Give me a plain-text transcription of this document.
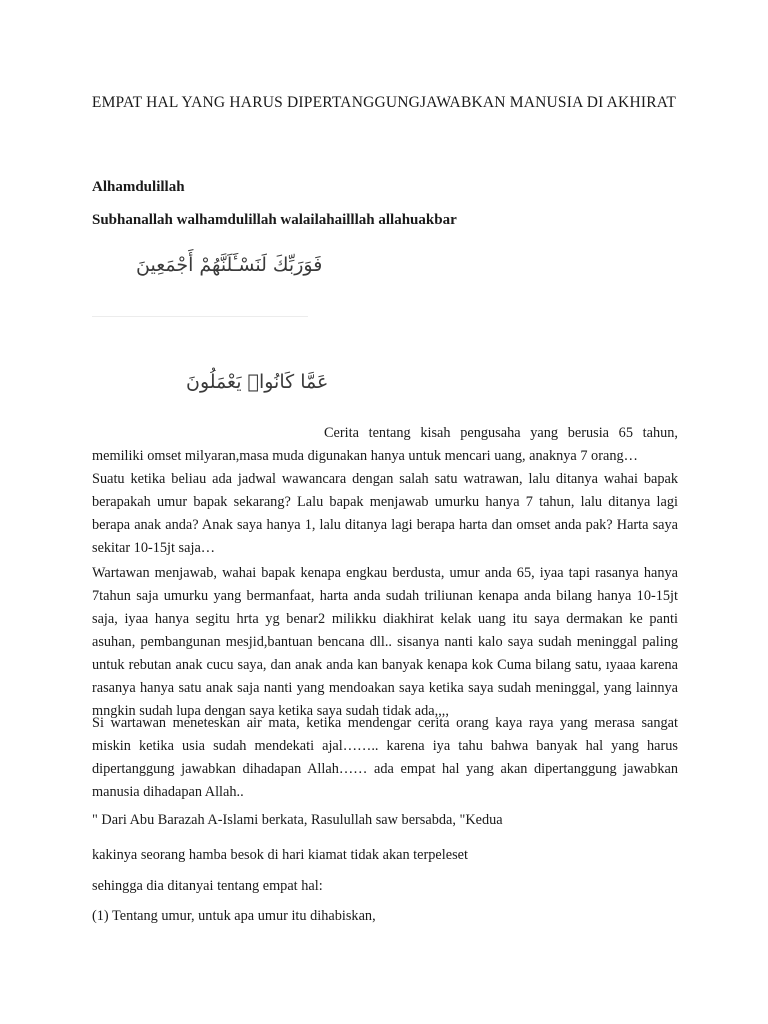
EMPAT HAL YANG HARUS DIPERTANGGUNGJAWABKAN MANUSIA DI AKHIRAT
Alhamdulillah
Subhanallah walhamdulillah walailahailllah allahuakbar
فَوَرَبِّكَ لَنَسْـَٔلَنَّهُمْ أَجْمَعِينَ
عَمَّا كَانُوا۟ يَعْمَلُونَ

Cerita tentang kisah pengusaha yang berusia 65 tahun, memiliki omset milyaran,masa muda digunakan hanya untuk mencari uang, anaknya 7 orang…

Suatu ketika beliau ada jadwal wawancara dengan salah satu watrawan, lalu ditanya wahai bapak berapakah umur bapak sekarang? Lalu bapak menjawab umurku hanya 7 tahun, lalu ditanya lagi berapa anak anda? Anak saya hanya 1, lalu ditanya lagi berapa harta dan omset anda pak? Harta saya sekitar 10-15jt saja…

Wartawan menjawab, wahai bapak kenapa engkau berdusta, umur anda 65, iyaa tapi rasanya hanya 7tahun saja umurku yang bermanfaat, harta anda sudah triliunan kenapa anda bilang hanya 10-15jt saja, iyaa hanya segitu hrta yg benar2 milikku diakhirat kelak uang itu saya dermakan ke panti asuhan, pembangunan mesjid,bantuan bencana dll.. sisanya nanti kalo saya sudah meninggal paling untuk rebutan anak cucu saya, dan anak anda kan banyak kenapa kok Cuma bilang satu, ıyaaa karena rasanya hanya satu anak saja nanti yang mendoakan saya ketika saya sudah meninggal, yang lainnya mngkin sudah lupa dengan saya ketika saya sudah tidak ada,,,,

Si wartawan meneteskan air mata, ketika mendengar cerita orang kaya raya yang merasa sangat miskin ketika usia sudah mendekati ajal…….. karena iya tahu bahwa banyak hal yang harus dipertanggung jawabkan dihadapan Allah…… ada empat hal yang akan dipertanggung jawabkan manusia dihadapan Allah..

" Dari Abu Barazah A-Islami berkata, Rasulullah saw bersabda, "Kedua

kakinya seorang hamba besok di hari kiamat tidak akan terpeleset

sehingga dia ditanyai tentang empat hal:

(1) Tentang umur, untuk apa umur itu dihabiskan,
